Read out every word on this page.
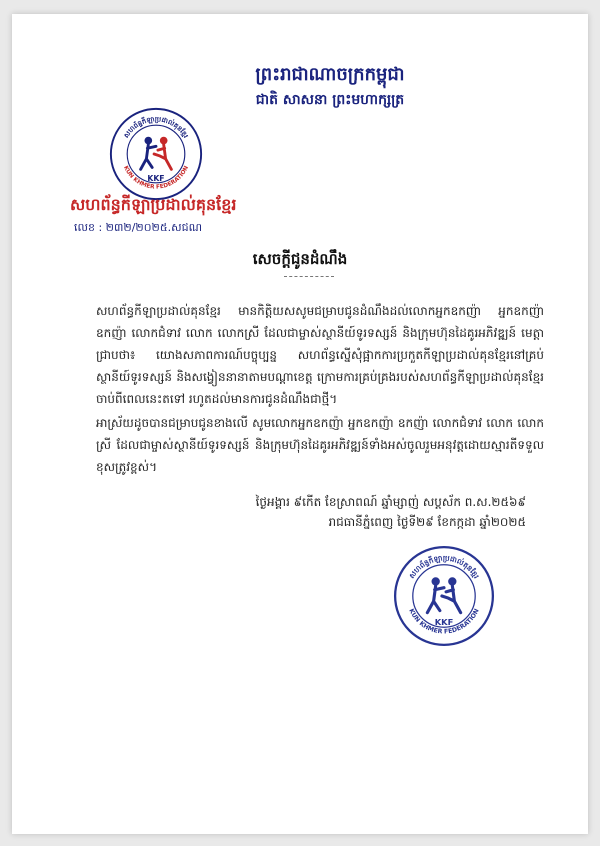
ព្រះរាជាណាចក្រកម្ពុជា
ជាតិ សាសនា ព្រះមហាក្សត្រ
សហព័ន្ធកីឡាប្រដាល់គុនខ្មែរ
KUN KHMER FEDERATION
KKF
សហព័ន្ធកីឡាប្រដាល់គុនខ្មែរ
លេខ : ២៣២/២០២៥.សជណ
សេចក្តីជូនដំណឹង

សហព័ន្ធកីឡាប្រដាល់គុនខ្មែរ មានកិត្តិយសសូមជម្រាបជូនដំណឹងដល់លោកអ្នកឧកញ៉ា អ្នកឧកញ៉ា ឧកញ៉ា លោកជំទាវ លោក លោកស្រី ដែលជាម្ចាស់ស្ថានីយ៍ទូរទស្សន៍ និងក្រុមហ៊ុនដៃគូរអភិវឌ្ឍន៍ មេត្តាជ្រាបថា៖ យោងសភាពការណ៍បច្ចុប្បន្ន សហព័ន្ធស្នើសុំផ្អាកការប្រកួតកីឡាប្រដាល់គុនខ្មែរនៅគ្រប់ស្ថានីយ៍ទូរទស្សន៍ និងសង្វៀននានាតាមបណ្តាខេត្ត ក្រោមការគ្រប់គ្រងរបស់សហព័ន្ធកីឡាប្រដាល់គុនខ្មែរ ចាប់ពីពេលនេះតទៅ រហូតដល់មានការជូនដំណឹងជាថ្មី។

អាស្រ័យដូចបានជម្រាបជូនខាងលើ សូមលោកអ្នកឧកញ៉ា អ្នកឧកញ៉ា ឧកញ៉ា លោកជំទាវ លោក លោកស្រី ដែលជាម្ចាស់ស្ថានីយ៍ទូរទស្សន៍ និងក្រុមហ៊ុនដៃគូរអភិវឌ្ឍន៍ទាំងអស់ចូលរួមអនុវត្តដោយស្មារតីទទួលខុសត្រូវខ្ពស់។

ថ្ងៃអង្គារ ៩កើត ខែស្រាពណ៍ ឆ្នាំម្សាញ់ សប្តស័ក ព.ស.២៥៦៩
រាជធានីភ្នំពេញ ថ្ងៃទី២៩ ខែកក្កដា ឆ្នាំ២០២៥
សហព័ន្ធកីឡាប្រដាល់គុនខ្មែរ
KUN KHMER FEDERATION
KKF
